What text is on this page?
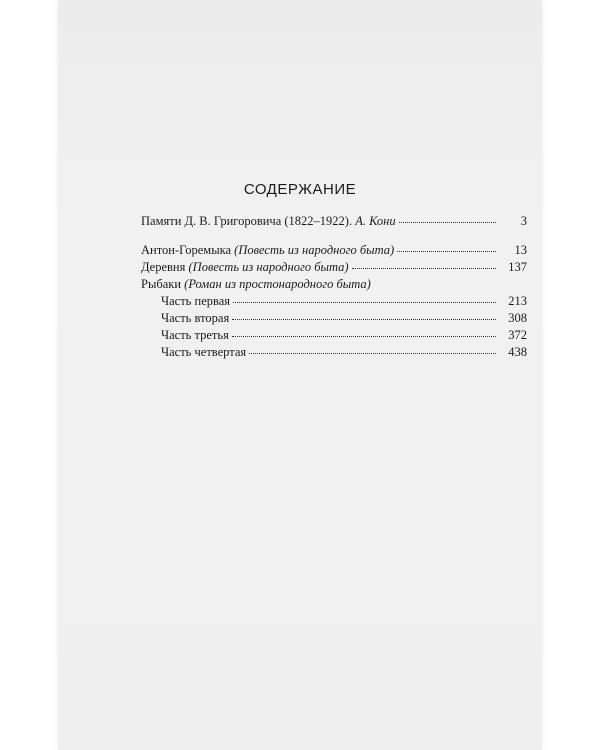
СОДЕРЖАНИЕ
Памяти Д. В. Григоровича (1822–1922). А. Кони	3
Антон-Горемыка (Повесть из народного быта)	13
Деревня (Повесть из народного быта)	137
Рыбаки (Роман из простонародного быта)
Часть первая	213
Часть вторая	308
Часть третья	372
Часть четвертая	438
